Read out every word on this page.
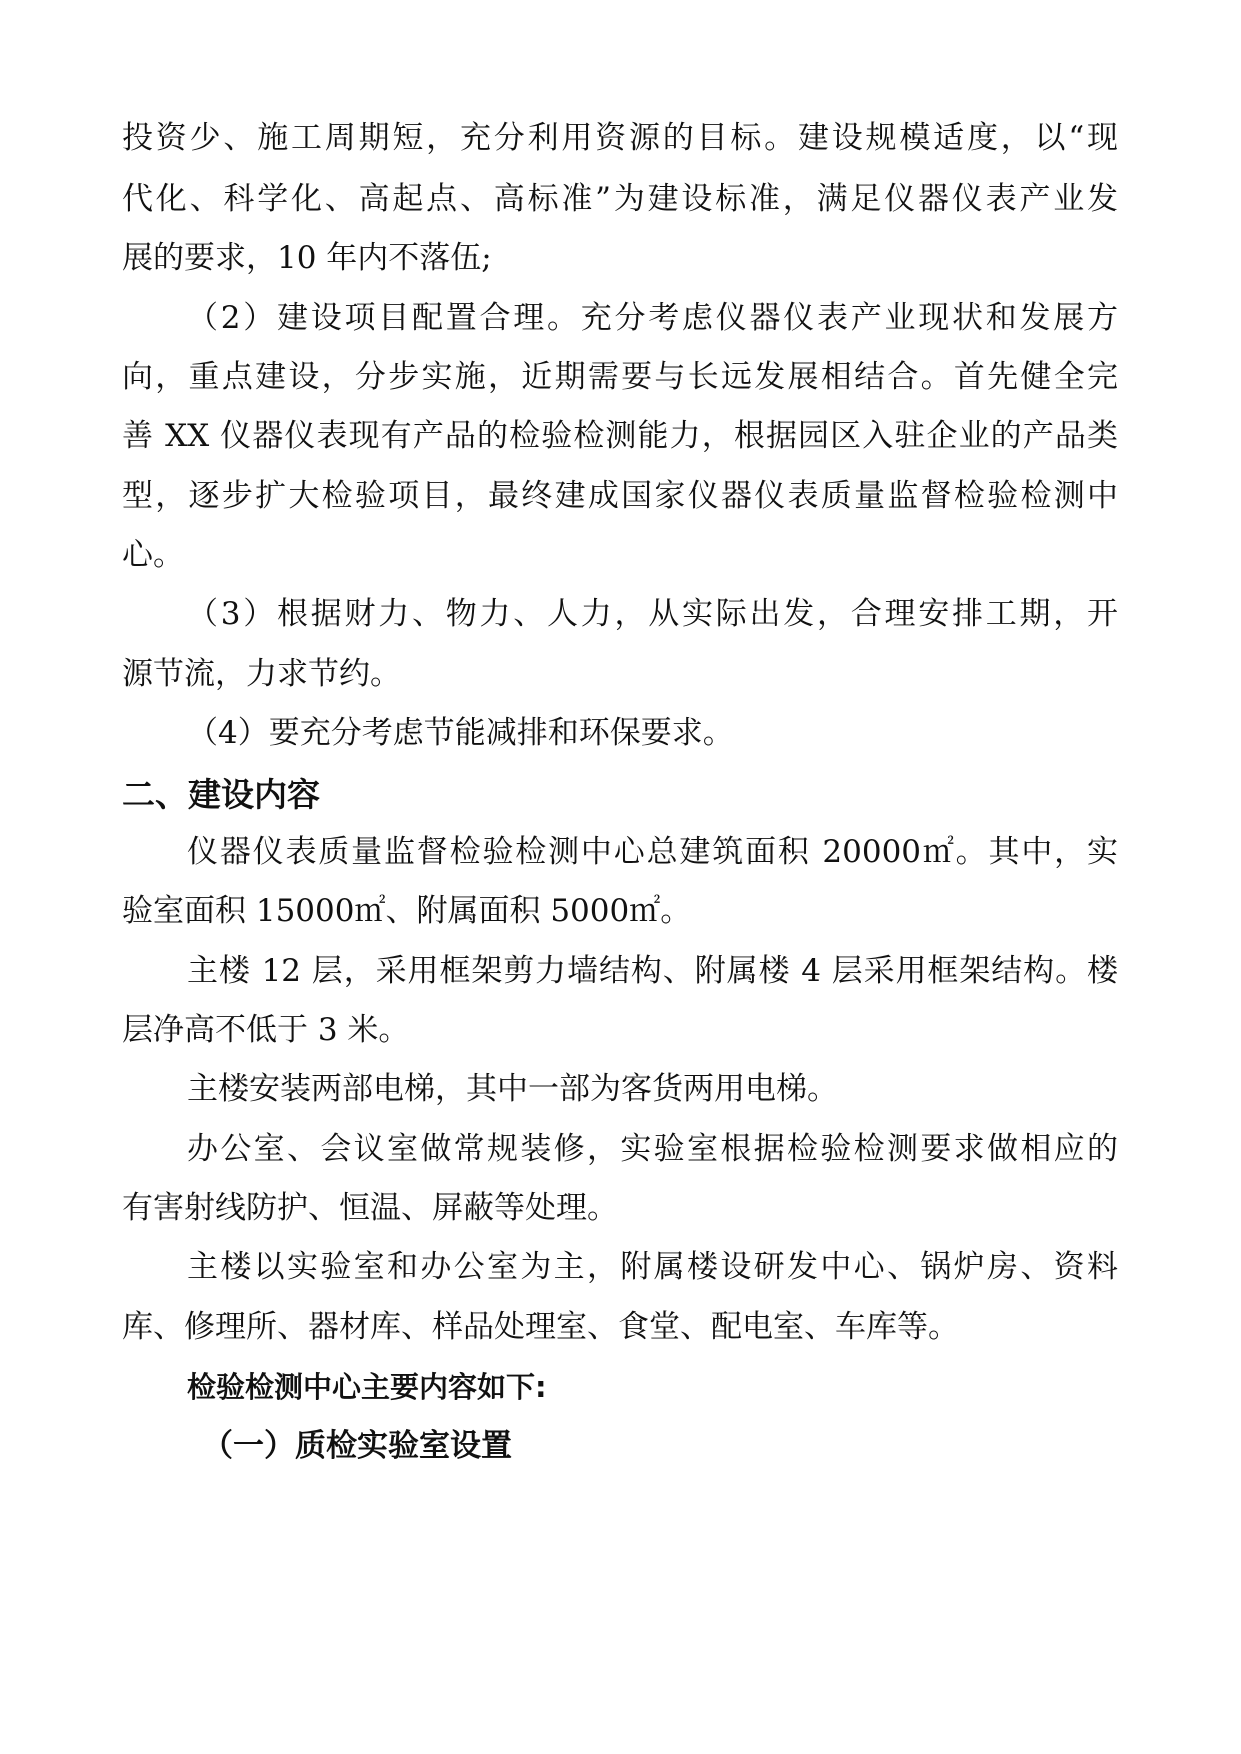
投资少、施工周期短，充分利用资源的目标。建设规模适度，以“现
代化、科学化、高起点、高标准”为建设标准，满足仪器仪表产业发
展的要求，10 年内不落伍;
（2）建设项目配置合理。充分考虑仪器仪表产业现状和发展方
向，重点建设，分步实施，近期需要与长远发展相结合。首先健全完
善 XX 仪器仪表现有产品的检验检测能力，根据园区入驻企业的产品类
型，逐步扩大检验项目，最终建成国家仪器仪表质量监督检验检测中
心。
（3）根据财力、物力、人力，从实际出发，合理安排工期，开
源节流，力求节约。
（4）要充分考虑节能减排和环保要求。
二、建设内容
仪器仪表质量监督检验检测中心总建筑面积 20000㎡。其中，实
验室面积 15000㎡、附属面积 5000㎡。
主楼 12 层，采用框架剪力墙结构、附属楼 4 层采用框架结构。楼
层净高不低于 3 米。
主楼安装两部电梯，其中一部为客货两用电梯。
办公室、会议室做常规装修，实验室根据检验检测要求做相应的
有害射线防护、恒温、屏蔽等处理。
主楼以实验室和办公室为主，附属楼设研发中心、锅炉房、资料
库、修理所、器材库、样品处理室、食堂、配电室、车库等。
检验检测中心主要内容如下:
（一）质检实验室设置
